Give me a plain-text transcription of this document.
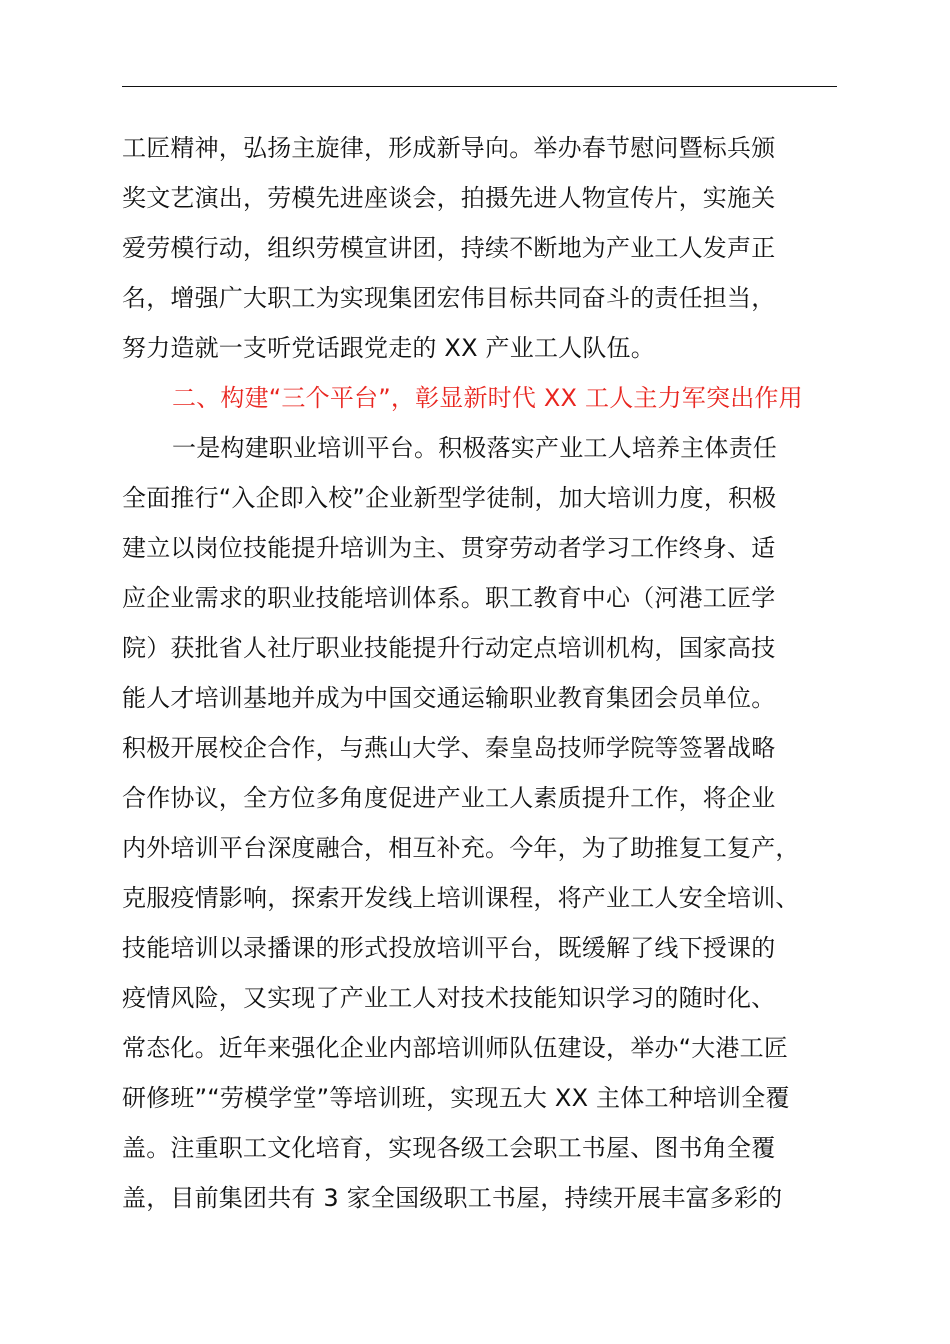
工匠精神，弘扬主旋律，形成新导向。举办春节慰问暨标兵颁
奖文艺演出，劳模先进座谈会，拍摄先进人物宣传片，实施关
爱劳模行动，组织劳模宣讲团，持续不断地为产业工人发声正
名，增强广大职工为实现集团宏伟目标共同奋斗的责任担当，
努力造就一支听党话跟党走的 XX 产业工人队伍。
二、构建“三个平台”，彰显新时代 XX 工人主力军突出作用
一是构建职业培训平台。积极落实产业工人培养主体责任
全面推行“入企即入校”企业新型学徒制，加大培训力度，积极
建立以岗位技能提升培训为主、贯穿劳动者学习工作终身、适
应企业需求的职业技能培训体系。职工教育中心（河港工匠学
院）获批省人社厅职业技能提升行动定点培训机构，国家高技
能人才培训基地并成为中国交通运输职业教育集团会员单位。
积极开展校企合作，与燕山大学、秦皇岛技师学院等签署战略
合作协议，全方位多角度促进产业工人素质提升工作，将企业
内外培训平台深度融合，相互补充。今年，为了助推复工复产，
克服疫情影响，探索开发线上培训课程，将产业工人安全培训、
技能培训以录播课的形式投放培训平台，既缓解了线下授课的
疫情风险，又实现了产业工人对技术技能知识学习的随时化、
常态化。近年来强化企业内部培训师队伍建设，举办“大港工匠
研修班”“劳模学堂”等培训班，实现五大 XX 主体工种培训全覆
盖。注重职工文化培育，实现各级工会职工书屋、图书角全覆
盖，目前集团共有 3 家全国级职工书屋，持续开展丰富多彩的
